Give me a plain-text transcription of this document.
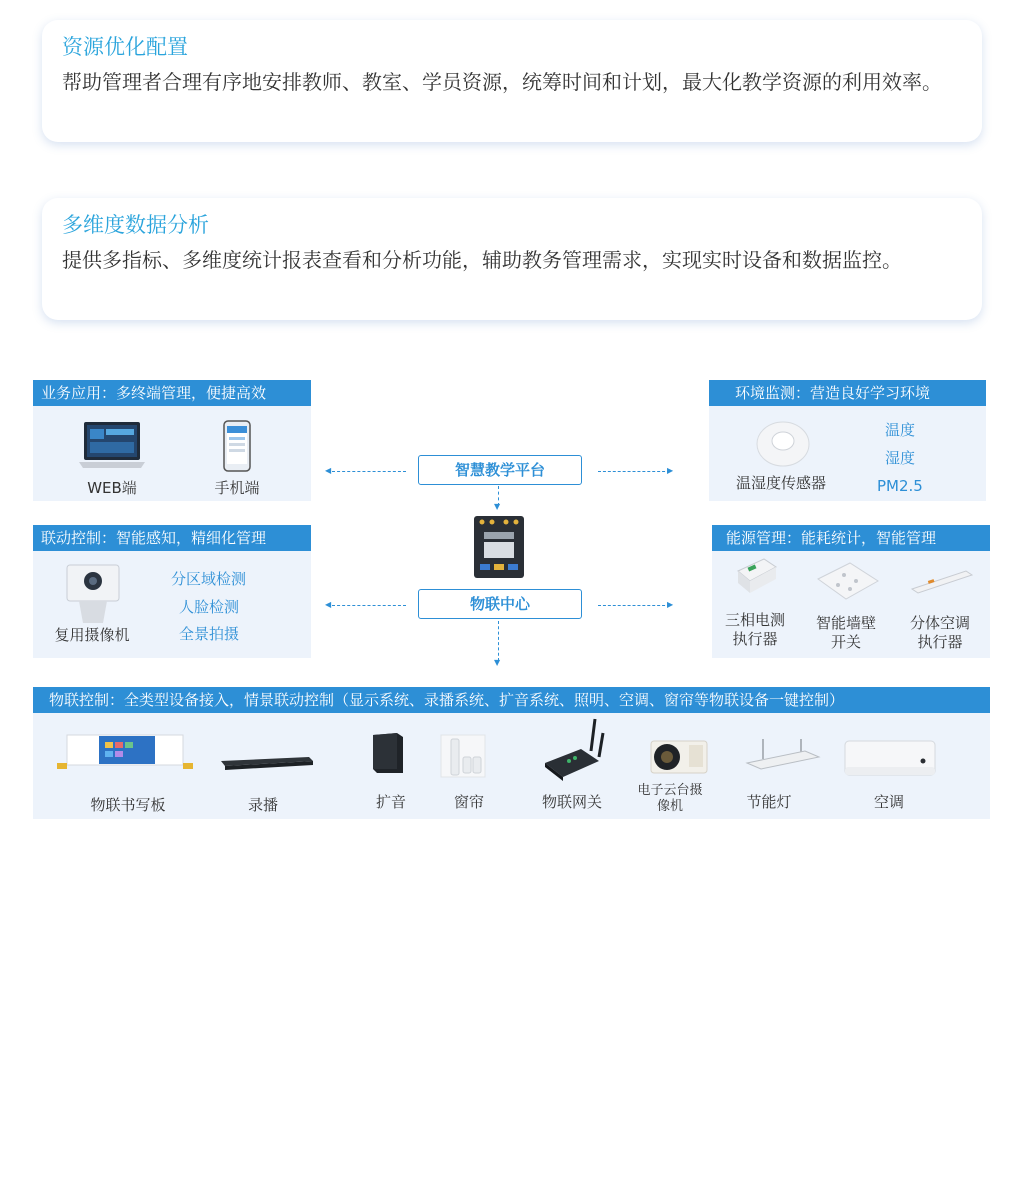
资源优化配置
帮助管理者合理有序地安排教师、教室、学员资源，统筹时间和计划，最大化教学资源的利用效率。
多维度数据分析
提供多指标、多维度统计报表查看和分析功能，辅助教务管理需求，实现实时设备和数据监控。
业务应用：多终端管理，便捷高效
WEB端	手机端
联动控制：智能感知，精细化管理
复用摄像机
分区域检测
人脸检测
全景拍摄
环境监测：营造良好学习环境
温湿度传感器
温度
湿度
PM2.5
能源管理：能耗统计，智能管理
三相电测
执行器
智能墙壁
开关
分体空调
执行器
智慧教学平台
物联中心
◀	▶
◀	▶
▼
▼
物联控制：全类型设备接入，情景联动控制（显示系统、录播系统、扩音系统、照明、空调、窗帘等物联设备一键控制）
物联书写板	录播	扩音	窗帘	物联网关
电子云台摄像机	节能灯	空调
